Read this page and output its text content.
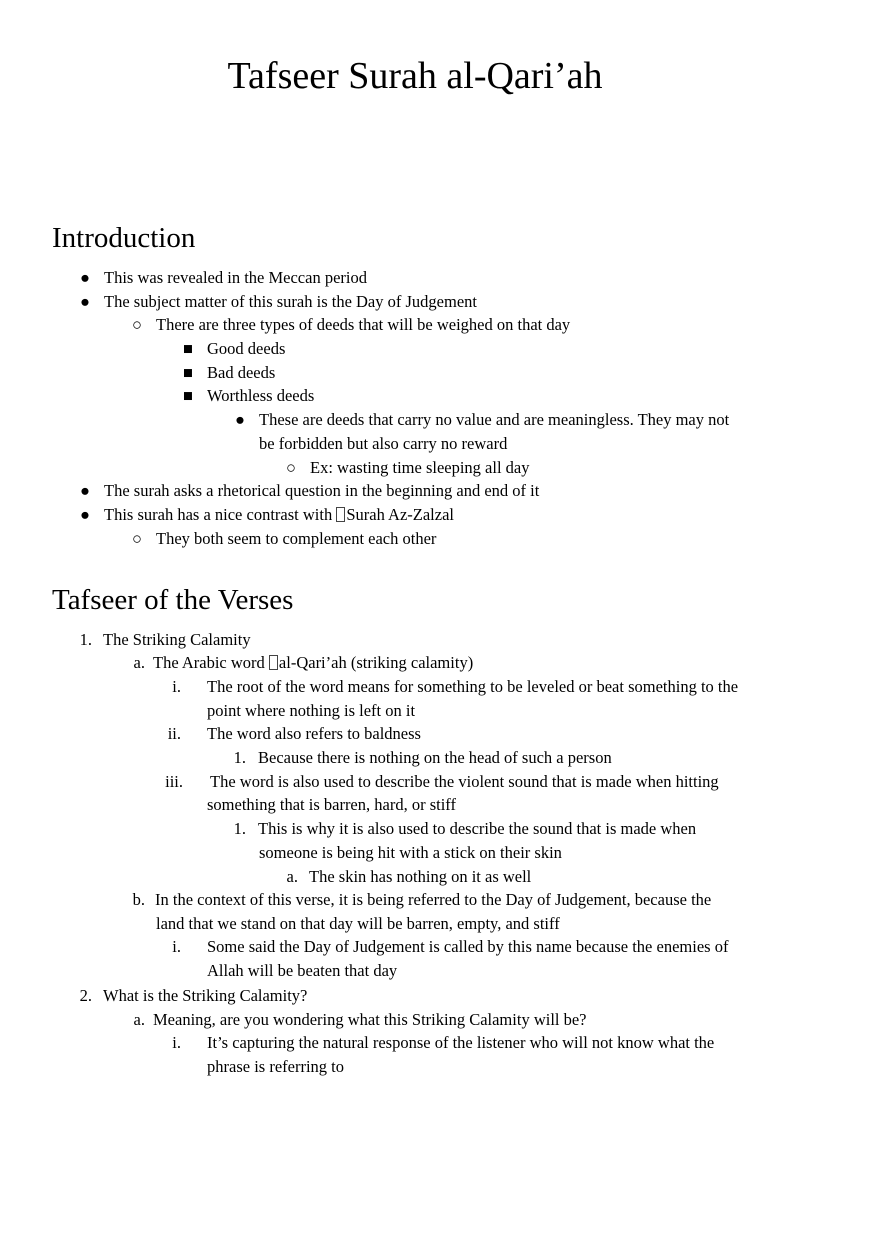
Tafseer Surah al-Qari’ah
Introduction
● This was revealed in the Meccan period
● The subject matter of this surah is the Day of Judgement
○ There are three types of deeds that will be weighed on that day
■ Good deeds
■ Bad deeds
■ Worthless deeds
● These are deeds that carry no value and are meaningless. They may not
be forbidden but also carry no reward
○ Ex: wasting time sleeping all day
● The surah asks a rhetorical question in the beginning and end of it
● This surah has a nice contrast with Surah Az-Zalzal
○ They both seem to complement each other
Tafseer of the Verses
1. The Striking Calamity
a. The Arabic word al-Qari’ah (striking calamity)
i. The root of the word means for something to be leveled or beat something to the
point where nothing is left on it
ii. The word also refers to baldness
1. Because there is nothing on the head of such a person
iii. The word is also used to describe the violent sound that is made when hitting
something that is barren, hard, or stiff
1. This is why it is also used to describe the sound that is made when
someone is being hit with a stick on their skin
a. The skin has nothing on it as well
b. In the context of this verse, it is being referred to the Day of Judgement, because the
land that we stand on that day will be barren, empty, and stiff
i. Some said the Day of Judgement is called by this name because the enemies of
Allah will be beaten that day
2. What is the Striking Calamity?
a. Meaning, are you wondering what this Striking Calamity will be?
i. It’s capturing the natural response of the listener who will not know what the
phrase is referring to
